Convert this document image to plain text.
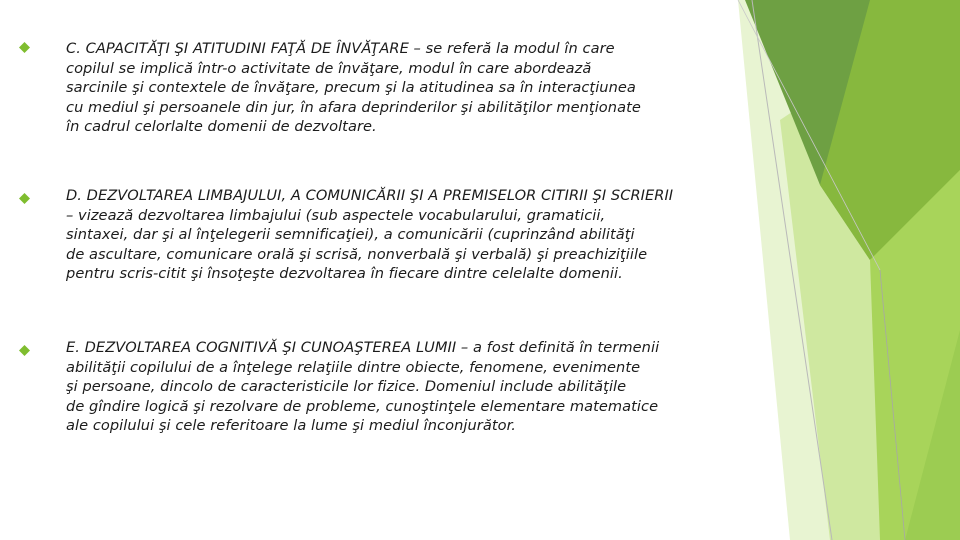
C. CAPACITĂŢI ŞI ATITUDINI FAŢĂ DE ÎNVĂŢARE – se referă la modul în care

copilul se implică într-o activitate de învăţare, modul în care abordează

sarcinile şi contextele de învăţare, precum şi la atitudinea sa în interacţiunea

cu mediul şi persoanele din jur, în afara deprinderilor şi abilităţilor menţionate

în cadrul celorlalte domenii de dezvoltare.

D. DEZVOLTAREA LIMBAJULUI, A COMUNICĂRII ŞI A PREMISELOR CITIRII ŞI SCRIERII

– vizează dezvoltarea limbajului (sub aspectele vocabularului, gramaticii,

sintaxei, dar şi al înţelegerii semnificaţiei), a comunicării (cuprinzând abilităţi

de ascultare, comunicare orală şi scrisă, nonverbală şi verbală) şi preachiziţiile

pentru scris-citit şi însoţeşte dezvoltarea în fiecare dintre celelalte domenii.

E. DEZVOLTAREA COGNITIVĂ ŞI CUNOAŞTEREA LUMII – a fost definită în termenii

abilităţii copilului de a înţelege relaţiile dintre obiecte, fenomene, evenimente

şi persoane, dincolo de caracteristicile lor fizice. Domeniul include abilităţile

de gîndire logică şi rezolvare de probleme, cunoştinţele elementare matematice

ale copilului şi cele referitoare la lume şi mediul înconjurător.
